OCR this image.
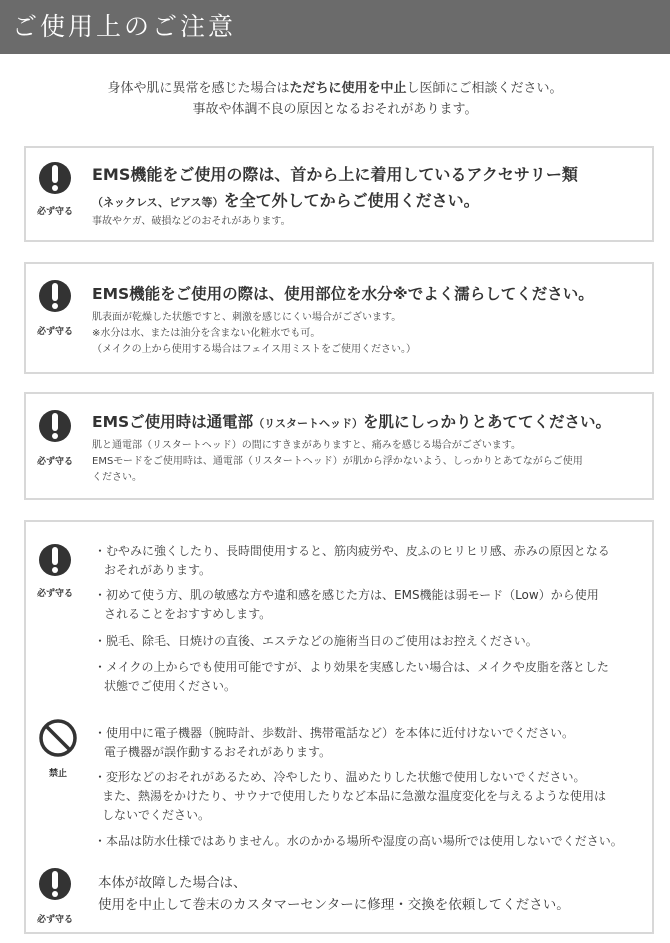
ご使用上のご注意
身体や肌に異常を感じた場合はただちに使用を中止し医師にご相談ください。
事故や体調不良の原因となるおそれがあります。
必ず守る
EMS機能をご使用の際は、首から上に着用しているアクセサリー類
（ネックレス、ピアス等）を全て外してからご使用ください。
事故やケガ、破損などのおそれがあります。
必ず守る
EMS機能をご使用の際は、使用部位を水分※でよく濡らしてください。
肌表面が乾燥した状態ですと、刺激を感じにくい場合がございます。
※水分は水、または油分を含まない化粧水でも可。
（メイクの上から使用する場合はフェイス用ミストをご使用ください。）
必ず守る
EMSご使用時は通電部（リスタートヘッド）を肌にしっかりとあててください。
肌と通電部（リスタートヘッド）の間にすきまがありますと、痛みを感じる場合がございます。
EMSモードをご使用時は、通電部（リスタートヘッド）が肌から浮かないよう、しっかりとあてながらご使用
ください。
必ず守る
・むやみに強くしたり、長時間使用すると、筋肉疲労や、皮ふのヒリヒリ感、赤みの原因となる
おそれがあります。
・初めて使う方、肌の敏感な方や違和感を感じた方は、EMS機能は弱モード（Low）から使用
されることをおすすめします。
・脱毛、除毛、日焼けの直後、エステなどの施術当日のご使用はお控えください。
・メイクの上からでも使用可能ですが、より効果を実感したい場合は、メイクや皮脂を落とした
状態でご使用ください。
禁止
・使用中に電子機器（腕時計、歩数計、携帯電話など）を本体に近付けないでください。
電子機器が誤作動するおそれがあります。
・変形などのおそれがあるため、冷やしたり、温めたりした状態で使用しないでください。
また、熱湯をかけたり、サウナで使用したりなど本品に急激な温度変化を与えるような使用は
しないでください。
・本品は防水仕様ではありません。水のかかる場所や湿度の高い場所では使用しないでください。
必ず守る
本体が故障した場合は、
使用を中止して巻末のカスタマーセンターに修理・交換を依頼してください。
